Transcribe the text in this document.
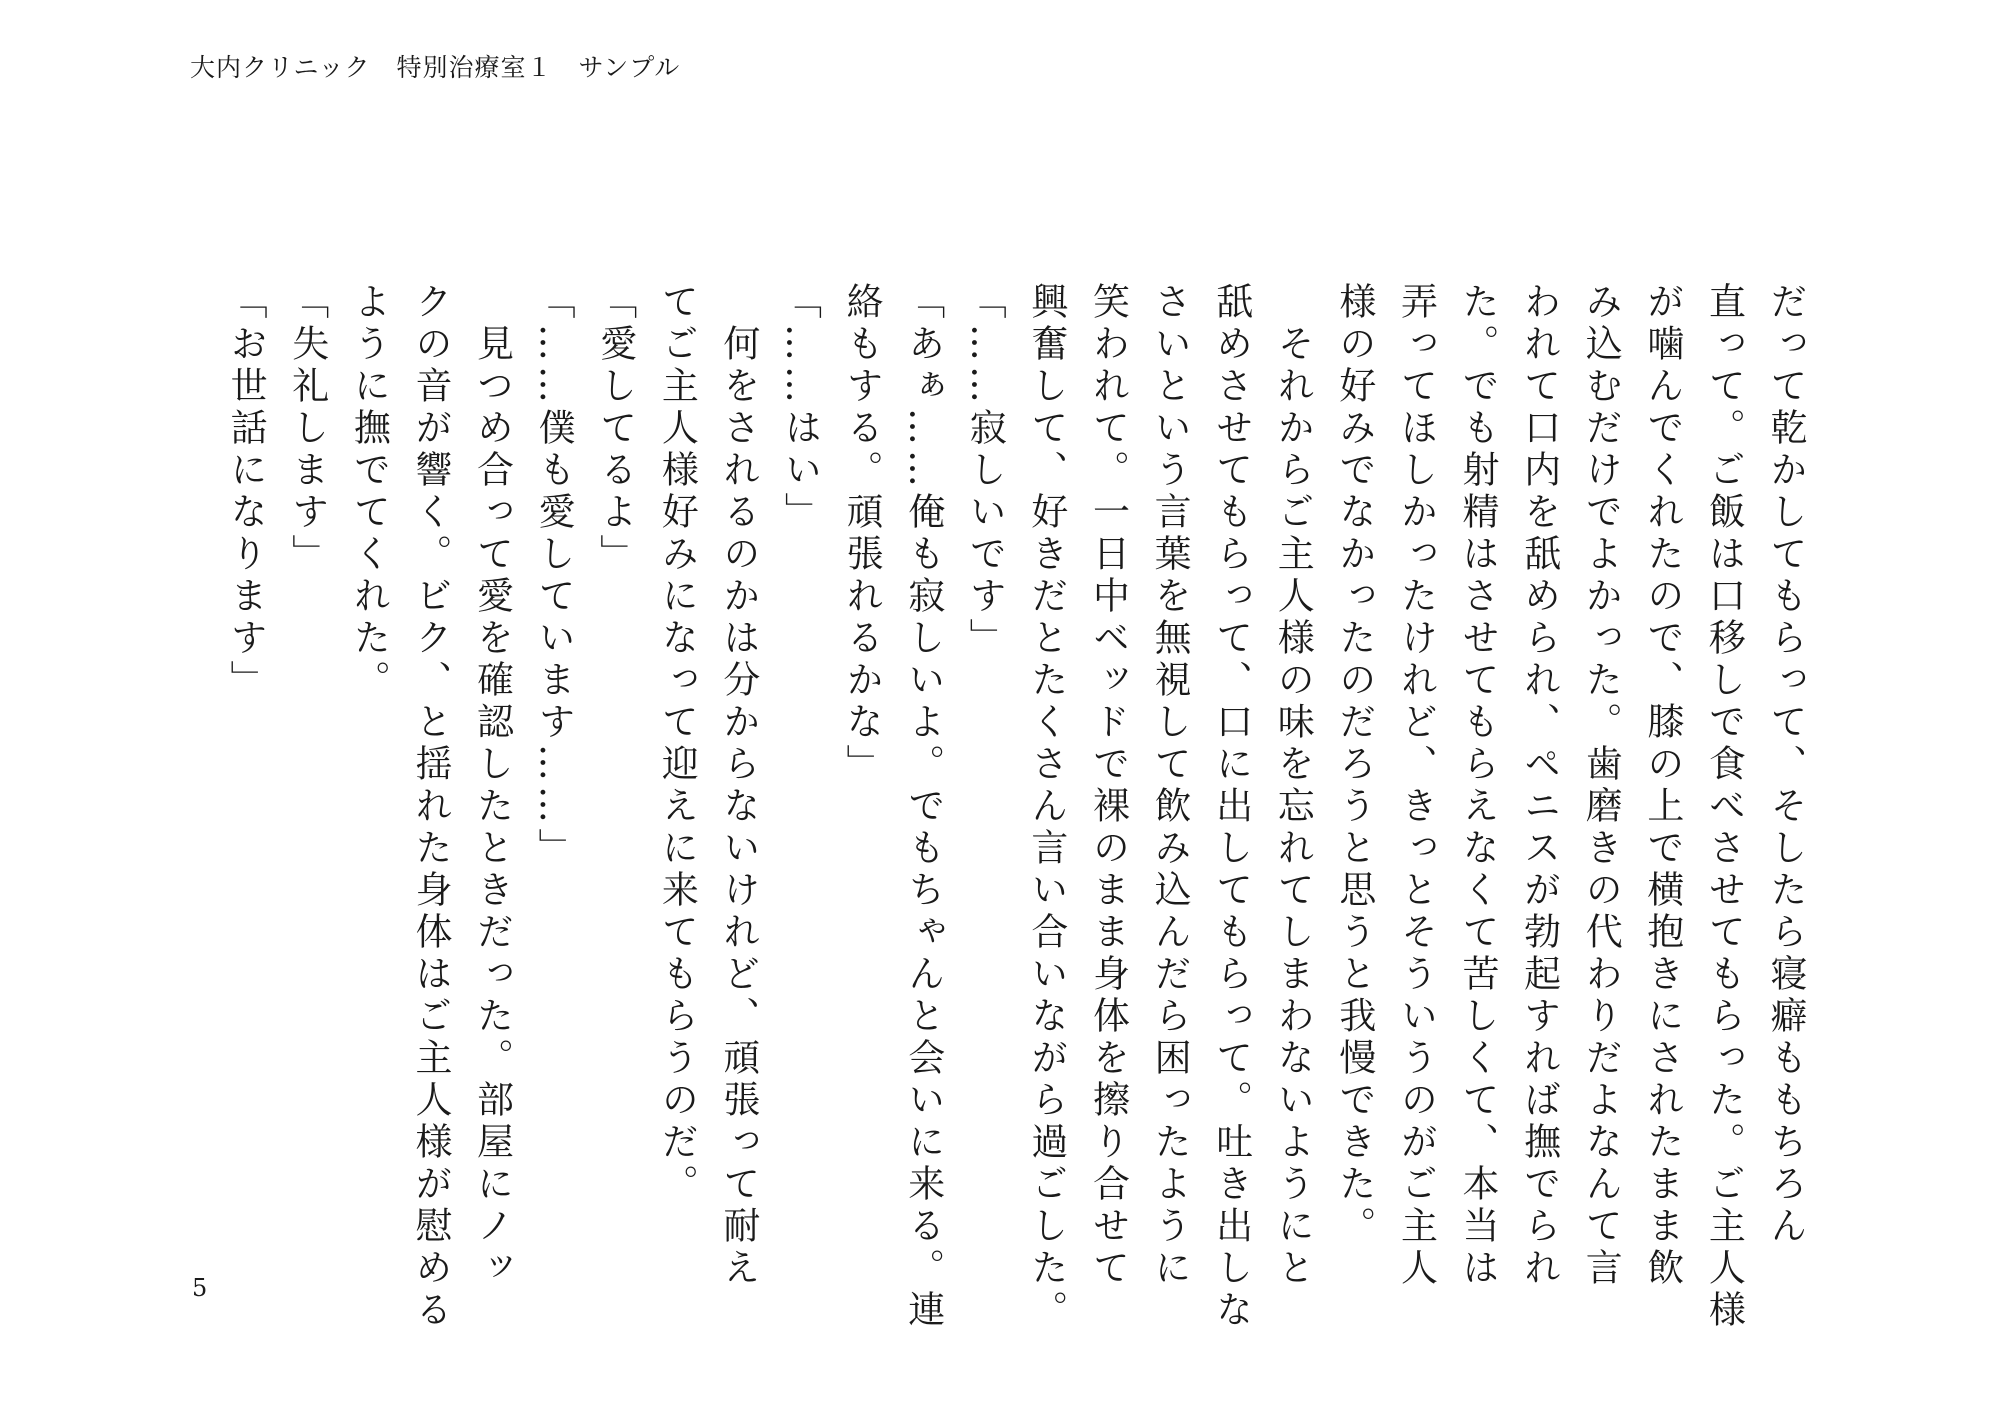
大内クリニック　特別治療室１　サンプル
だって乾かしてもらって、そしたら寝癖ももちろん
直って。ご飯は口移しで食べさせてもらった。ご主人様
が噛んでくれたので、膝の上で横抱きにされたまま飲
み込むだけでよかった。歯磨きの代わりだよなんて言
われて口内を舐められ、ペニスが勃起すれば撫でられ
た。でも射精はさせてもらえなくて苦しくて、本当は
弄ってほしかったけれど、きっとそういうのがご主人
様の好みでなかったのだろうと思うと我慢できた。
　それからご主人様の味を忘れてしまわないようにと
舐めさせてもらって、口に出してもらって。吐き出しな
さいという言葉を無視して飲み込んだら困ったように
笑われて。一日中ベッドで裸のまま身体を擦り合せて
興奮して、好きだとたくさん言い合いながら過ごした。
「……寂しいです」
「あぁ……俺も寂しいよ。でもちゃんと会いに来る。連
絡もする。頑張れるかな」
「……はい」
　何をされるのかは分からないけれど、頑張って耐え
てご主人様好みになって迎えに来てもらうのだ。
「愛してるよ」
「……僕も愛しています……」
　見つめ合って愛を確認したときだった。部屋にノッ
クの音が響く。ビク、と揺れた身体はご主人様が慰める
ように撫でてくれた。
「失礼します」
「お世話になります」
5
